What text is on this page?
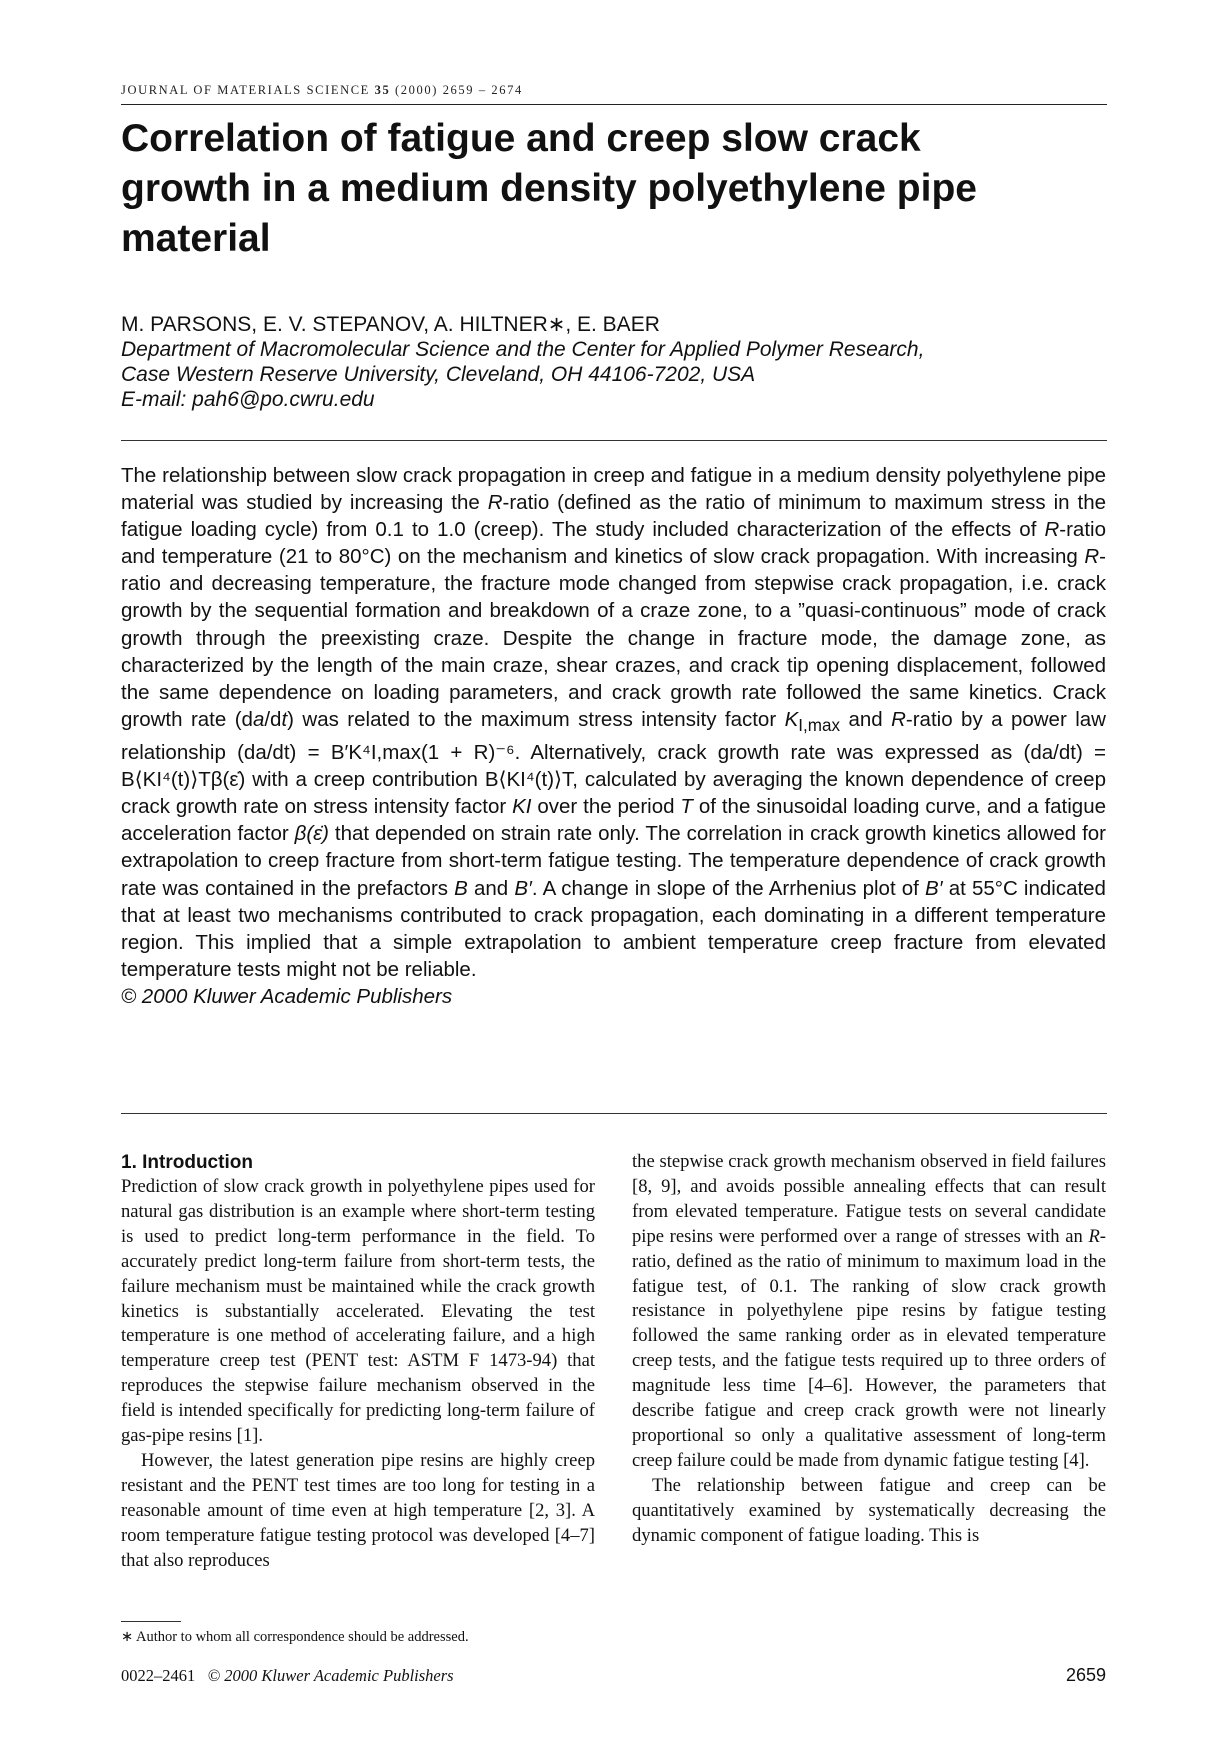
JOURNAL OF MATERIALS SCIENCE 35 (2000) 2659 – 2674
Correlation of fatigue and creep slow crack growth in a medium density polyethylene pipe material
M. PARSONS, E. V. STEPANOV, A. HILTNER∗, E. BAER
Department of Macromolecular Science and the Center for Applied Polymer Research,
Case Western Reserve University, Cleveland, OH 44106-7202, USA
E-mail: pah6@po.cwru.edu

The relationship between slow crack propagation in creep and fatigue in a medium density polyethylene pipe material was studied by increasing the R-ratio (defined as the ratio of minimum to maximum stress in the fatigue loading cycle) from 0.1 to 1.0 (creep). The study included characterization of the effects of R-ratio and temperature (21 to 80°C) on the mechanism and kinetics of slow crack propagation. With increasing R-ratio and decreasing temperature, the fracture mode changed from stepwise crack propagation, i.e. crack growth by the sequential formation and breakdown of a craze zone, to a ”quasi-continuous” mode of crack growth through the preexisting craze. Despite the change in fracture mode, the damage zone, as characterized by the length of the main craze, shear crazes, and crack tip opening displacement, followed the same dependence on loading parameters, and crack growth rate followed the same kinetics. Crack growth rate (da/dt) was related to the maximum stress intensity factor $K_{I,max}$ and R-ratio by a power law relationship (da/dt) = B′K⁴I,max(1 + R)⁻⁶. Alternatively, crack growth rate was expressed as (da/dt) = B⟨KI⁴(t)⟩Tβ(ε̇) with a creep contribution B⟨KI⁴(t)⟩T, calculated by averaging the known dependence of creep crack growth rate on stress intensity factor KI over the period T of the sinusoidal loading curve, and a fatigue acceleration factor β(ε̇) that depended on strain rate only. The correlation in crack growth kinetics allowed for extrapolation to creep fracture from short-term fatigue testing. The temperature dependence of crack growth rate was contained in the prefactors B and B′. A change in slope of the Arrhenius plot of B′ at 55°C indicated that at least two mechanisms contributed to crack propagation, each dominating in a different temperature region. This implied that a simple extrapolation to ambient temperature creep fracture from elevated temperature tests might not be reliable.

© 2000 Kluwer Academic Publishers

1. Introduction

Prediction of slow crack growth in polyethylene pipes used for natural gas distribution is an example where short-term testing is used to predict long-term performance in the field. To accurately predict long-term failure from short-term tests, the failure mechanism must be maintained while the crack growth kinetics is substantially accelerated. Elevating the test temperature is one method of accelerating failure, and a high temperature creep test (PENT test: ASTM F 1473-94) that reproduces the stepwise failure mechanism observed in the field is intended specifically for predicting long-term failure of gas-pipe resins [1].

However, the latest generation pipe resins are highly creep resistant and the PENT test times are too long for testing in a reasonable amount of time even at high temperature [2, 3]. A room temperature fatigue testing protocol was developed [4–7] that also reproduces

the stepwise crack growth mechanism observed in field failures [8, 9], and avoids possible annealing effects that can result from elevated temperature. Fatigue tests on several candidate pipe resins were performed over a range of stresses with an R-ratio, defined as the ratio of minimum to maximum load in the fatigue test, of 0.1. The ranking of slow crack growth resistance in polyethylene pipe resins by fatigue testing followed the same ranking order as in elevated temperature creep tests, and the fatigue tests required up to three orders of magnitude less time [4–6]. However, the parameters that describe fatigue and creep crack growth were not linearly proportional so only a qualitative assessment of long-term creep failure could be made from dynamic fatigue testing [4].

The relationship between fatigue and creep can be quantitatively examined by systematically decreasing the dynamic component of fatigue loading. This is

∗ Author to whom all correspondence should be addressed.
0022–2461 © 2000 Kluwer Academic Publishers	2659
